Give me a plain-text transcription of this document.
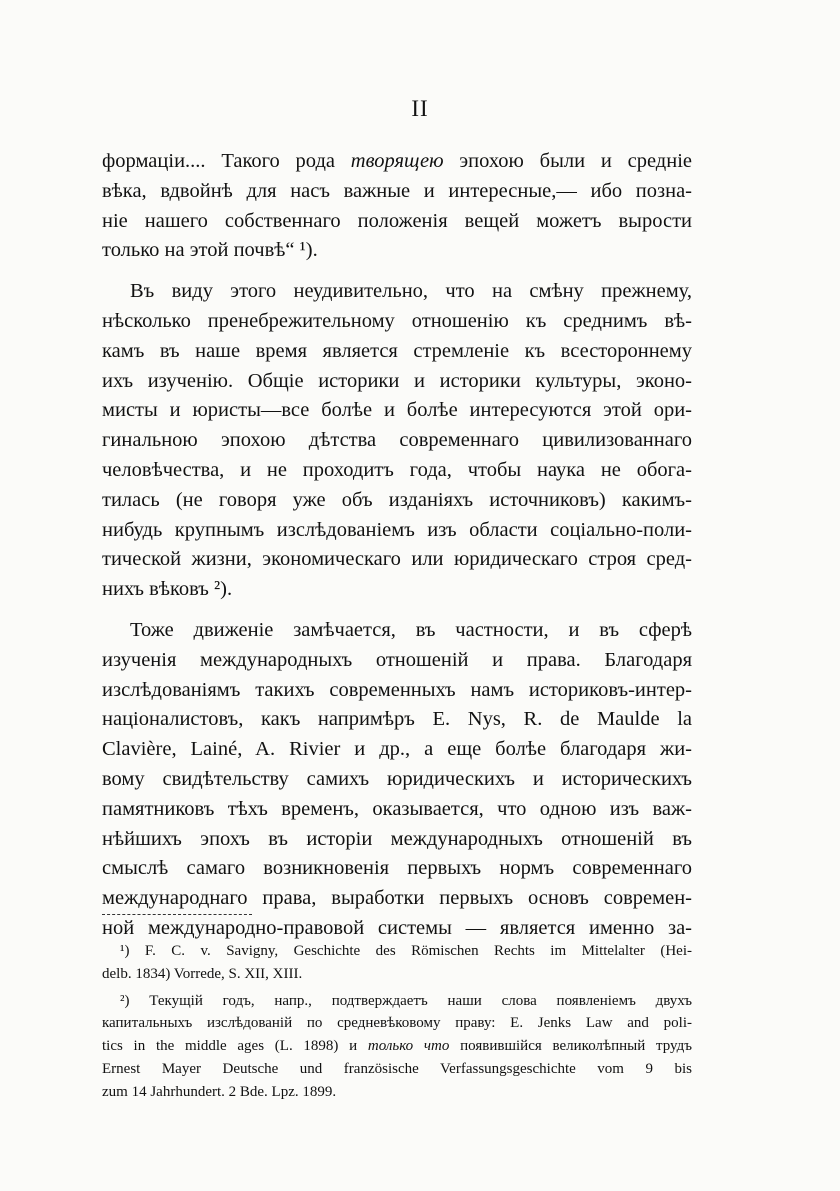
II
формаціи.... Такого рода творящею эпохою были и средніе
вѣка, вдвойнѣ для насъ важные и интересные,— ибо позна-
ніе нашего собственнаго положенія вещей можетъ вырости
только на этой почвѣ“ ¹).
Въ виду этого неудивительно, что на смѣну прежнему,
нѣсколько пренебрежительному отношенію къ среднимъ вѣ-
камъ въ наше время является стремленіе къ всестороннему
ихъ изученію. Общіе историки и историки культуры, эконо-
мисты и юристы—все болѣе и болѣе интересуются этой ори-
гинальною эпохою дѣтства современнаго цивилизованнаго
человѣчества, и не проходитъ года, чтобы наука не обога-
тилась (не говоря уже объ изданіяхъ источниковъ) какимъ-
нибудь крупнымъ изслѣдованіемъ изъ области соціально-поли-
тической жизни, экономическаго или юридическаго строя сред-
нихъ вѣковъ ²).
Тоже движеніе замѣчается, въ частности, и въ сферѣ
изученія международныхъ отношеній и права. Благодаря
изслѣдованіямъ такихъ современныхъ намъ историковъ-интер-
націоналистовъ, какъ напримѣръ E. Nys, R. de Maulde la
Clavière, Lainé, A. Rivier и др., а еще болѣе благодаря жи-
вому свидѣтельству самихъ юридическихъ и историческихъ
памятниковъ тѣхъ временъ, оказывается, что одною изъ важ-
нѣйшихъ эпохъ въ исторіи международныхъ отношеній въ
смыслѣ самаго возникновенія первыхъ нормъ современнаго
международнаго права, выработки первыхъ основъ современ-
ной международно-правовой системы — является именно за-
¹) F. C. v. Savigny, Geschichte des Römischen Rechts im Mittelalter (Hei-
delb. 1834) Vorrede, S. XII, XIII.
²) Текущій годъ, напр., подтверждаетъ наши слова появленіемъ двухъ
капитальныхъ изслѣдованій по средневѣковому праву: E. Jenks Law and poli-
tics in the middle ages (L. 1898) и только что появившійся великолѣпный трудъ
Ernest Mayer Deutsche und französische Verfassungsgeschichte vom 9 bis
zum 14 Jahrhundert. 2 Bde. Lpz. 1899.
